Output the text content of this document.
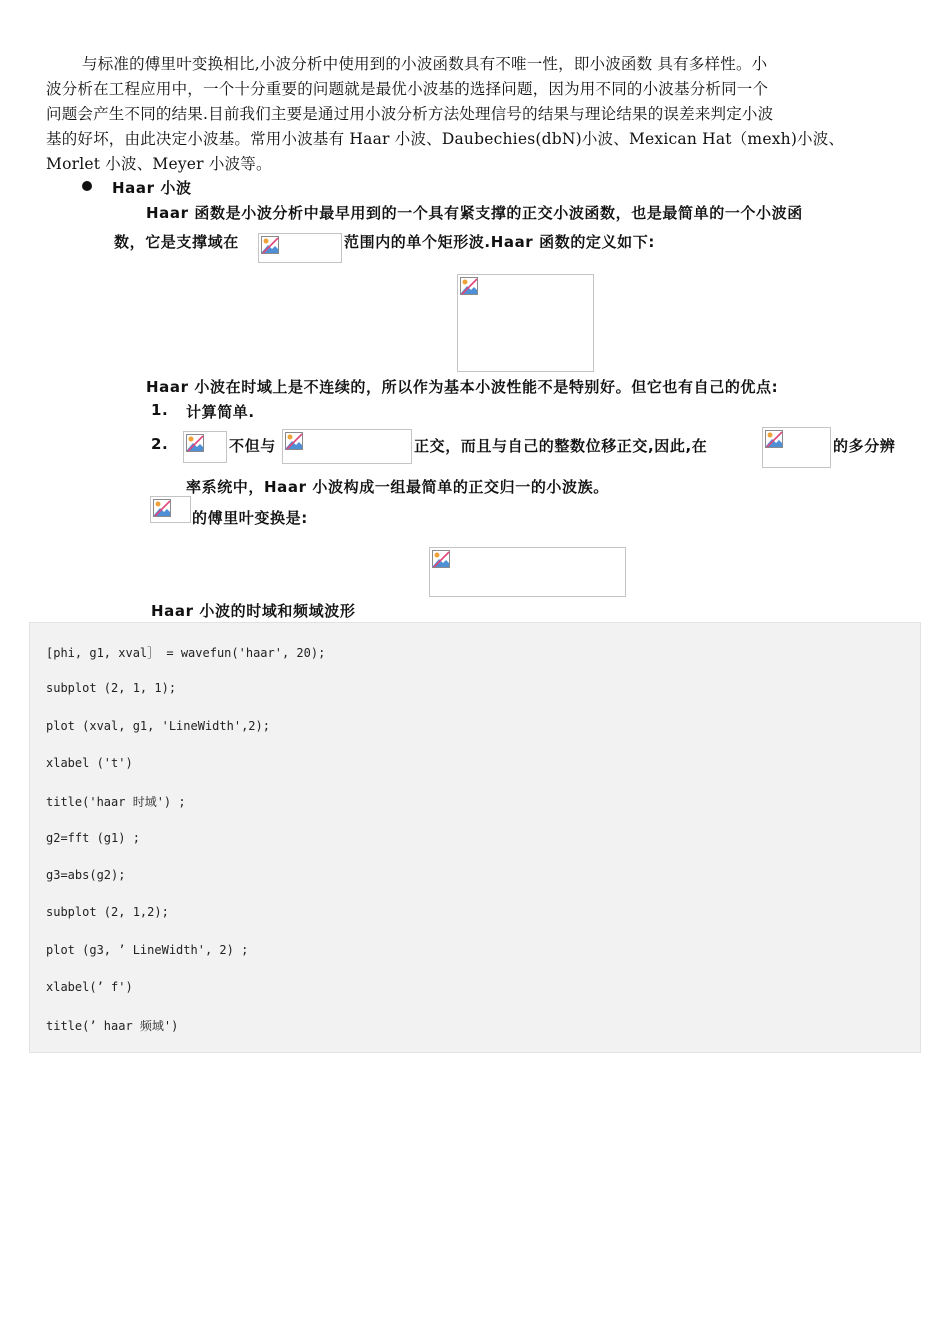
与标准的傅里叶变换相比,小波分析中使用到的小波函数具有不唯一性，即小波函数 具有多样性。小
波分析在工程应用中，一个十分重要的问题就是最优小波基的选择问题，因为用不同的小波基分析同一个
问题会产生不同的结果.目前我们主要是通过用小波分析方法处理信号的结果与理论结果的误差来判定小波
基的好坏，由此决定小波基。常用小波基有 Haar 小波、Daubechies(dbN)小波、Mexican Hat（mexh)小波、
Morlet 小波、Meyer 小波等。
Haar 小波
Haar 函数是小波分析中最早用到的一个具有紧支撑的正交小波函数，也是最简单的一个小波函
数，它是支撑域在	范围内的单个矩形波.Haar 函数的定义如下:
Haar 小波在时域上是不连续的，所以作为基本小波性能不是特别好。但它也有自己的优点:
1. 计算简单.
2.	不但与	正交，而且与自己的整数位移正交,因此,在	的多分辨
率系统中，Haar 小波构成一组最简单的正交归一的小波族。
的傅里叶变换是:
Haar 小波的时域和频域波形
[phi, g1, xval］ = wavefun('haar', 20);
subplot (2, 1, 1);
plot (xval, g1, 'LineWidth',2);
xlabel ('t')
title('haar 时域') ;
g2=fft (g1) ;
g3=abs(g2);
subplot (2, 1,2);
plot (g3, ’ LineWidth', 2) ;
xlabel(’ f')
title(’ haar 频域')
